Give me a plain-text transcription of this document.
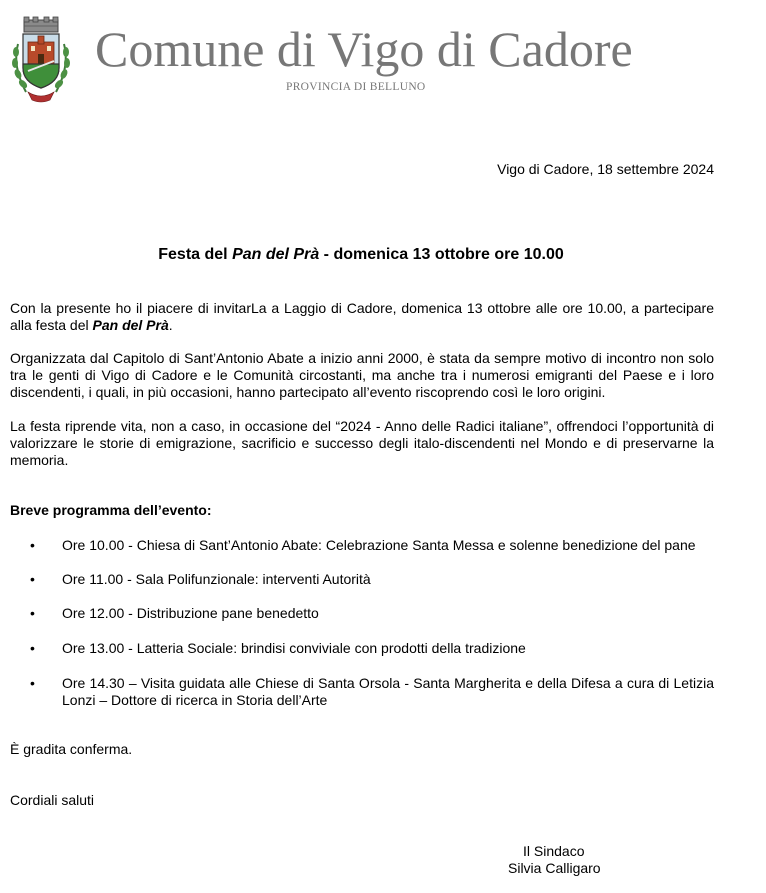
Comune di Vigo di Cadore
PROVINCIA DI BELLUNO
Vigo di Cadore, 18 settembre 2024
Festa del Pan del Prà - domenica 13 ottobre ore 10.00
Con la presente ho il piacere di invitarLa a Laggio di Cadore, domenica 13 ottobre alle ore 10.00, a partecipare alla festa del Pan del Prà.
Organizzata dal Capitolo di Sant’Antonio Abate a inizio anni 2000, è stata da sempre motivo di incontro non solo tra le genti di Vigo di Cadore e le Comunità circostanti, ma anche tra i numerosi emigranti del Paese e i loro discendenti, i quali, in più occasioni, hanno partecipato all’evento riscoprendo così le loro origini.
La festa riprende vita, non a caso, in occasione del “2024 - Anno delle Radici italiane”, offrendoci l’opportunità di valorizzare le storie di emigrazione, sacrificio e successo degli italo-discendenti nel Mondo e di preservarne la memoria.
Breve programma dell’evento:
•	Ore 10.00 - Chiesa di Sant’Antonio Abate: Celebrazione Santa Messa e solenne benedizione del pane
•	Ore 11.00 - Sala Polifunzionale: interventi Autorità
•	Ore 12.00 - Distribuzione pane benedetto
•	Ore 13.00 - Latteria Sociale: brindisi conviviale con prodotti della tradizione
•	Ore 14.30 – Visita guidata alle Chiese di Santa Orsola - Santa Margherita e della Difesa a cura di Letizia Lonzi – Dottore di ricerca in Storia dell’Arte
È gradita conferma.
Cordiali saluti
Il Sindaco
Silvia Calligaro
